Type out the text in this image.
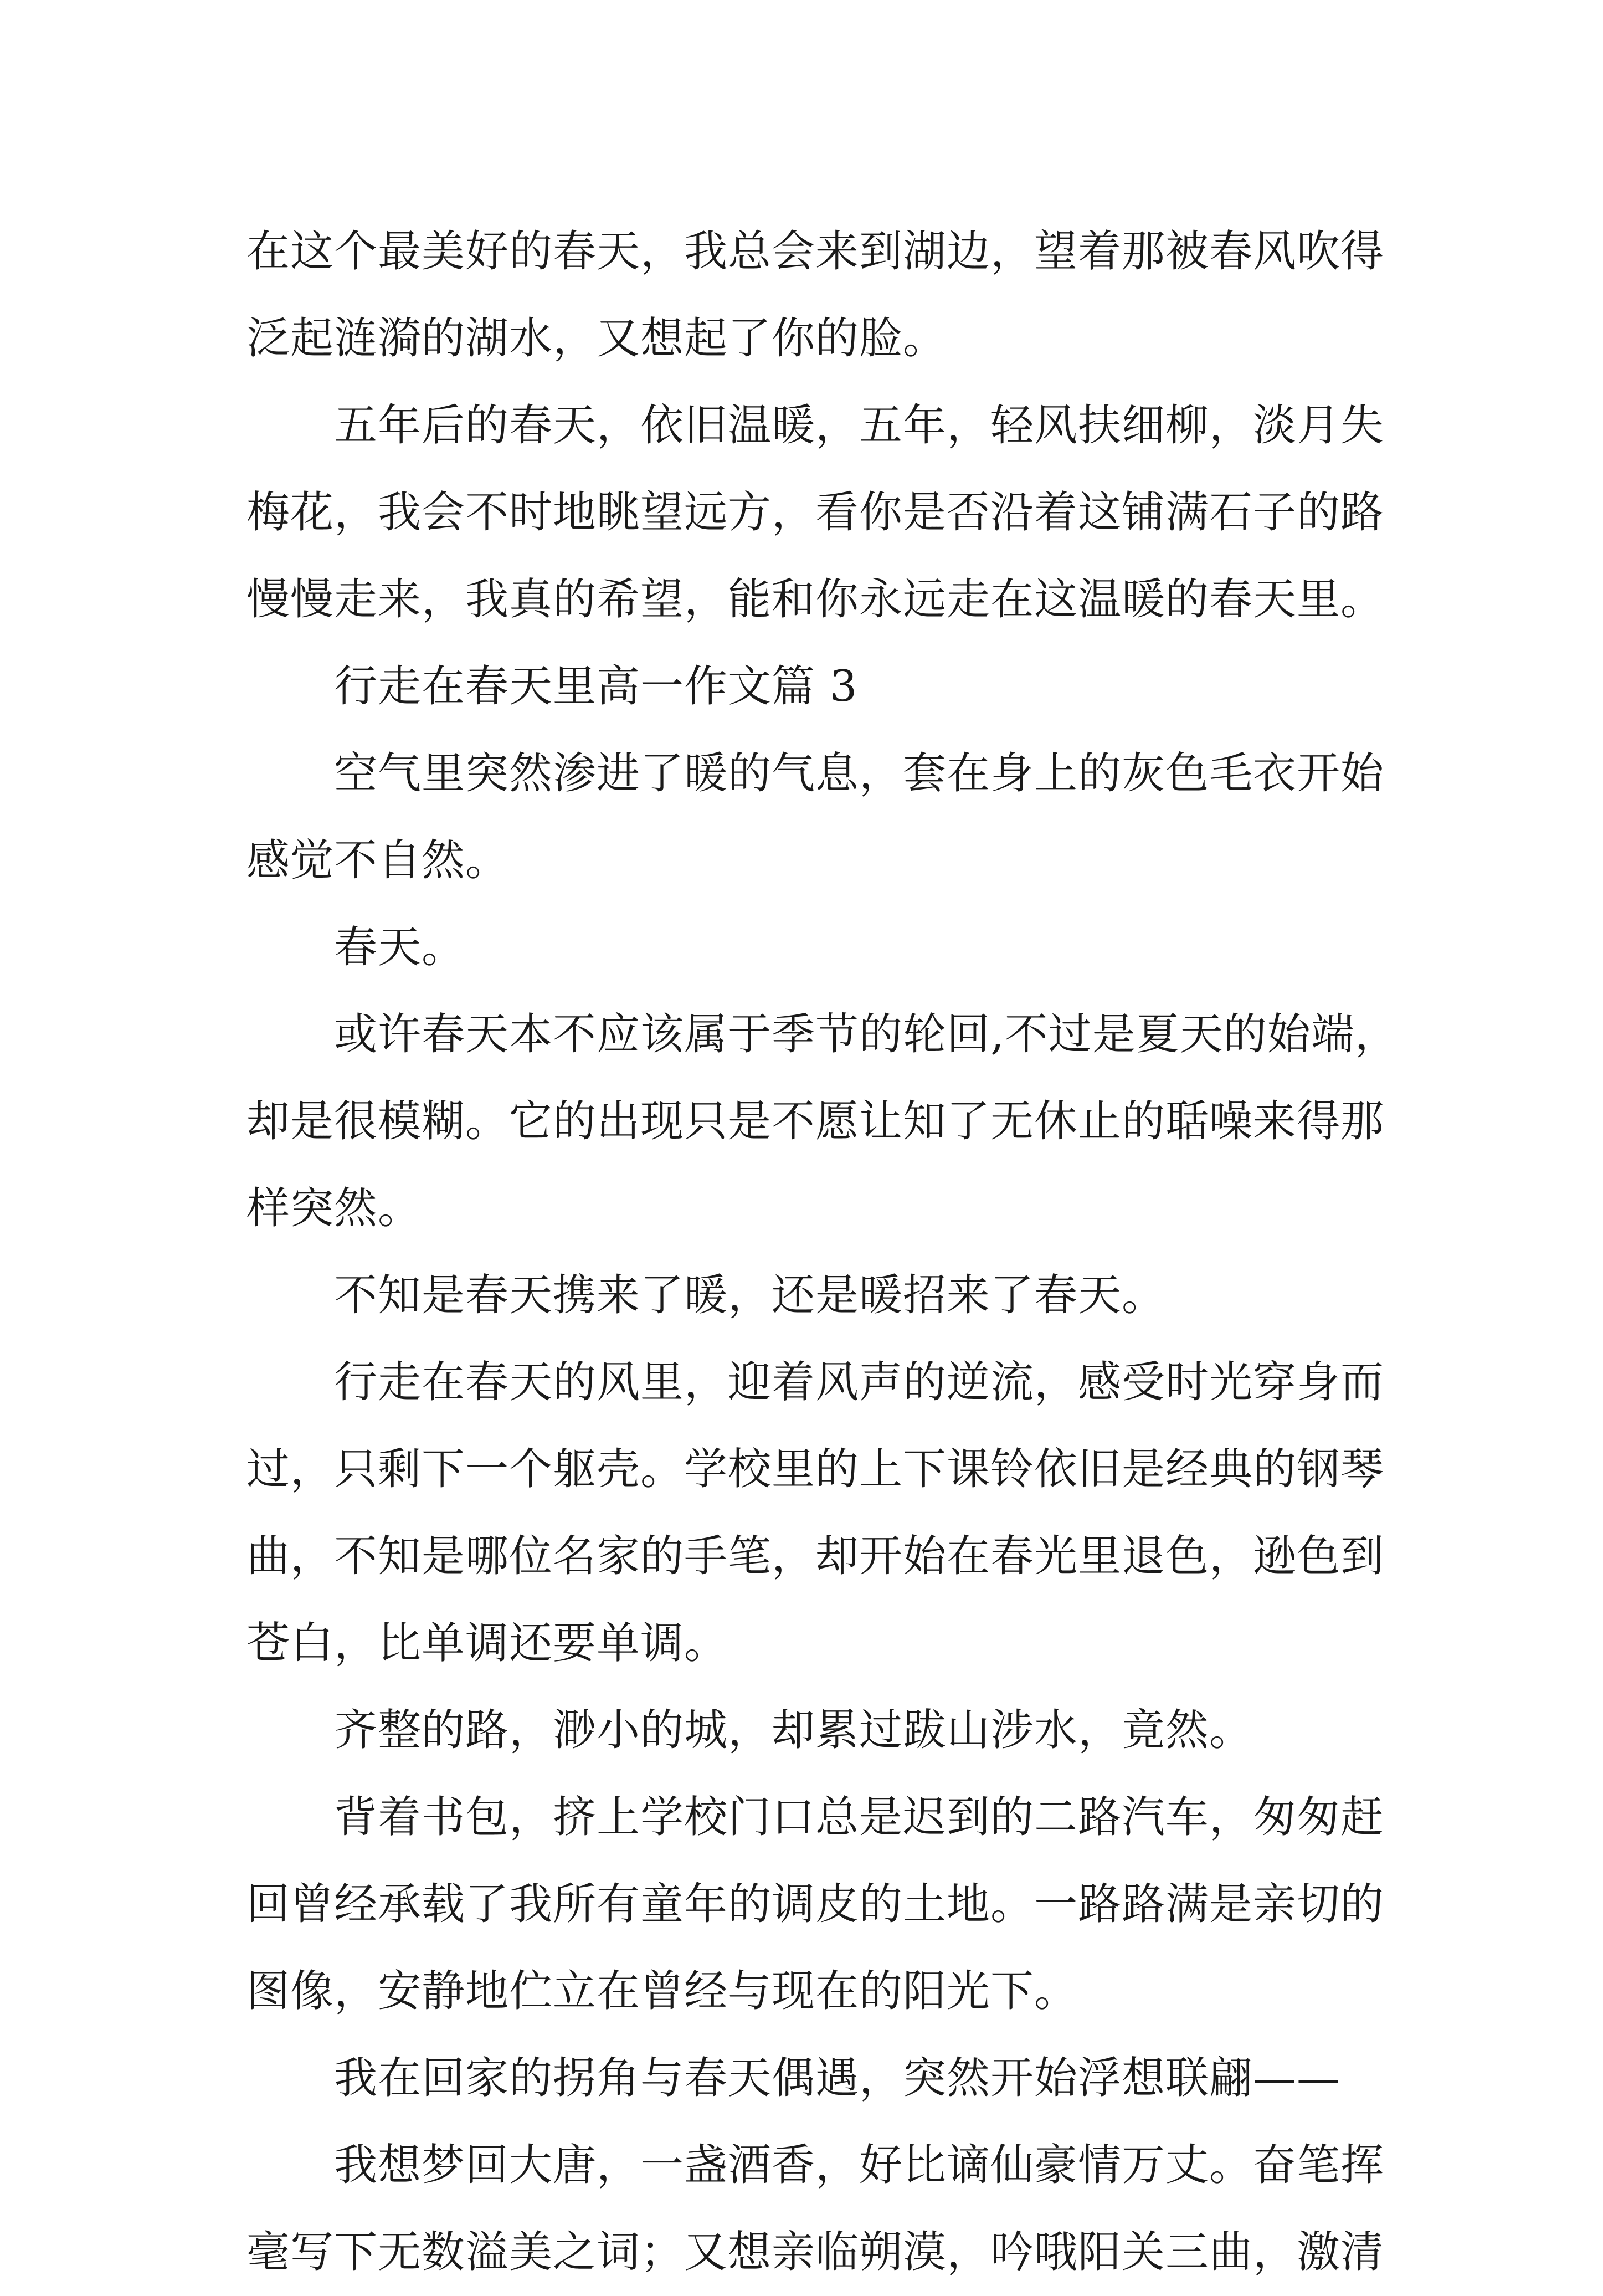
在这个最美好的春天，我总会来到湖边，望着那被春风吹得
泛起涟漪的湖水，又想起了你的脸。
五年后的春天，依旧温暖，五年，轻风扶细柳，淡月失
梅花，我会不时地眺望远方，看你是否沿着这铺满石子的路
慢慢走来，我真的希望，能和你永远走在这温暖的春天里。
行走在春天里高一作文篇 3
空气里突然渗进了暖的气息，套在身上的灰色毛衣开始
感觉不自然。
春天。
或许春天本不应该属于季节的轮回,不过是夏天的始端，
却是很模糊。它的出现只是不愿让知了无休止的聒噪来得那
样突然。
不知是春天携来了暖，还是暖招来了春天。
行走在春天的风里，迎着风声的逆流，感受时光穿身而
过，只剩下一个躯壳。学校里的上下课铃依旧是经典的钢琴
曲，不知是哪位名家的手笔，却开始在春光里退色，逊色到
苍白，比单调还要单调。
齐整的路，渺小的城，却累过跋山涉水，竟然。
背着书包，挤上学校门口总是迟到的二路汽车，匆匆赶
回曾经承载了我所有童年的调皮的土地。一路路满是亲切的
图像，安静地伫立在曾经与现在的阳光下。
我在回家的拐角与春天偶遇，突然开始浮想联翩——
我想梦回大唐，一盏酒香，好比谪仙豪情万丈。奋笔挥
毫写下无数溢美之词；又想亲临朔漠，吟哦阳关三曲，激清
